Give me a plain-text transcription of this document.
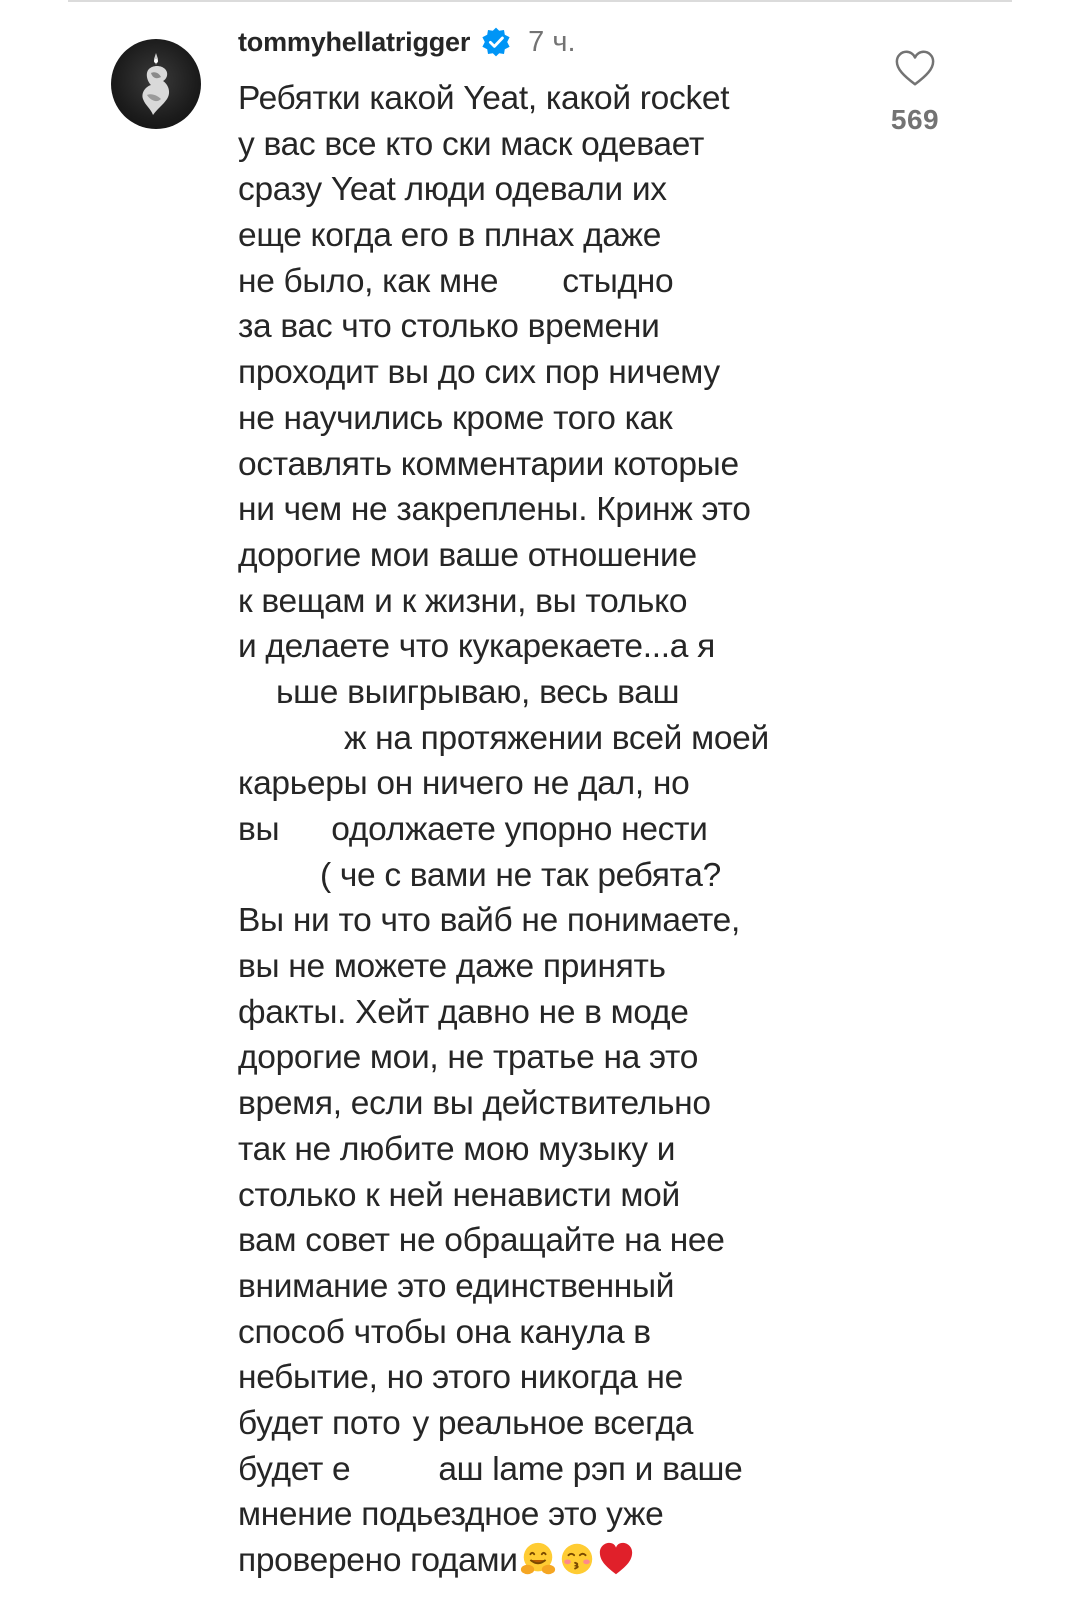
tommyhellatrigger 7 ч.
Ребятки какой Yeat, какой rocket
у вас все кто ски маск одевает
сразу Yeat люди одевали их
еще когда его в плнах даже
не было, как мне стыдно
за вас что столько времени
проходит вы до сих пор ничему
не научились кроме того как
оставлять комментарии которые
ни чем не закреплены. Кринж это
дорогие мои ваше отношение
к вещам и к жизни, вы только
и делаете что кукарекаете...а я
ьше выигрываю, весь ваш
ж на протяжении всей моей
карьеры он ничего не дал, но
вы одолжаете упорно нести
( че с вами не так ребята?
Вы ни то что вайб не понимаете,
вы не можете даже принять
факты. Хейт давно не в моде
дорогие мои, не тратье на это
время, если вы действительно
так не любите мою музыку и
столько к ней ненависти мой
вам совет не обращайте на нее
внимание это единственный
способ чтобы она канула в
небытие, но этого никогда не
будет пото у реальное всегда
будет е	аш lame рэп и ваше
мнение подьездное это уже
проверено годами
569
